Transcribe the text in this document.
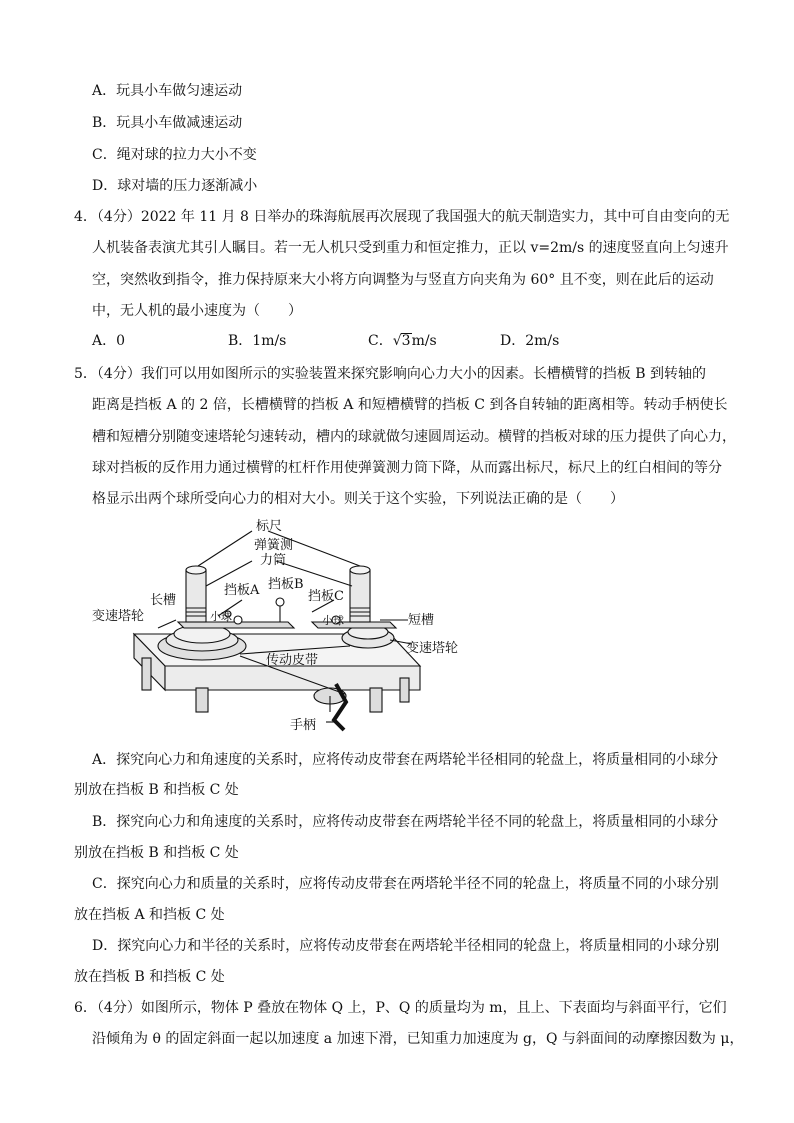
A．玩具小车做匀速运动
B．玩具小车做减速运动
C．绳对球的拉力大小不变
D．球对墙的压力逐渐减小
4．（4分）2022 年 11 月 8 日举办的珠海航展再次展现了我国强大的航天制造实力，其中可自由变向的无
人机装备表演尤其引人瞩目。若一无人机只受到重力和恒定推力，正以 v=2m/s 的速度竖直向上匀速升
空，突然收到指令，推力保持原来大小将方向调整为与竖直方向夹角为 60° 且不变，则在此后的运动
中，无人机的最小速度为（　　）
A．0	B．1m/s	C．√3m/s	D．2m/s
5．（4分）我们可以用如图所示的实验装置来探究影响向心力大小的因素。长槽横臂的挡板 B 到转轴的
距离是挡板 A 的 2 倍，长槽横臂的挡板 A 和短槽横臂的挡板 C 到各自转轴的距离相等。转动手柄使长
槽和短槽分别随变速塔轮匀速转动，槽内的球就做匀速圆周运动。横臂的挡板对球的压力提供了向心力，
球对挡板的反作用力通过横臂的杠杆作用使弹簧测力筒下降，从而露出标尺，标尺上的红白相间的等分
格显示出两个球所受向心力的相对大小。则关于这个实验，下列说法正确的是（　　）
标尺
弹簧测
力筒
挡板A 挡板B
挡板C
小球	小球
长槽
短槽
变速塔轮
变速塔轮
传动皮带
手柄
A．探究向心力和角速度的关系时，应将传动皮带套在两塔轮半径相同的轮盘上，将质量相同的小球分
别放在挡板 B 和挡板 C 处
B．探究向心力和角速度的关系时，应将传动皮带套在两塔轮半径不同的轮盘上，将质量相同的小球分
别放在挡板 B 和挡板 C 处
C．探究向心力和质量的关系时，应将传动皮带套在两塔轮半径不同的轮盘上，将质量不同的小球分别
放在挡板 A 和挡板 C 处
D．探究向心力和半径的关系时，应将传动皮带套在两塔轮半径相同的轮盘上，将质量相同的小球分别
放在挡板 B 和挡板 C 处
6．（4分）如图所示，物体 P 叠放在物体 Q 上，P、Q 的质量均为 m，且上、下表面均与斜面平行，它们
沿倾角为 θ 的固定斜面一起以加速度 a 加速下滑，已知重力加速度为 g，Q 与斜面间的动摩擦因数为 μ，
